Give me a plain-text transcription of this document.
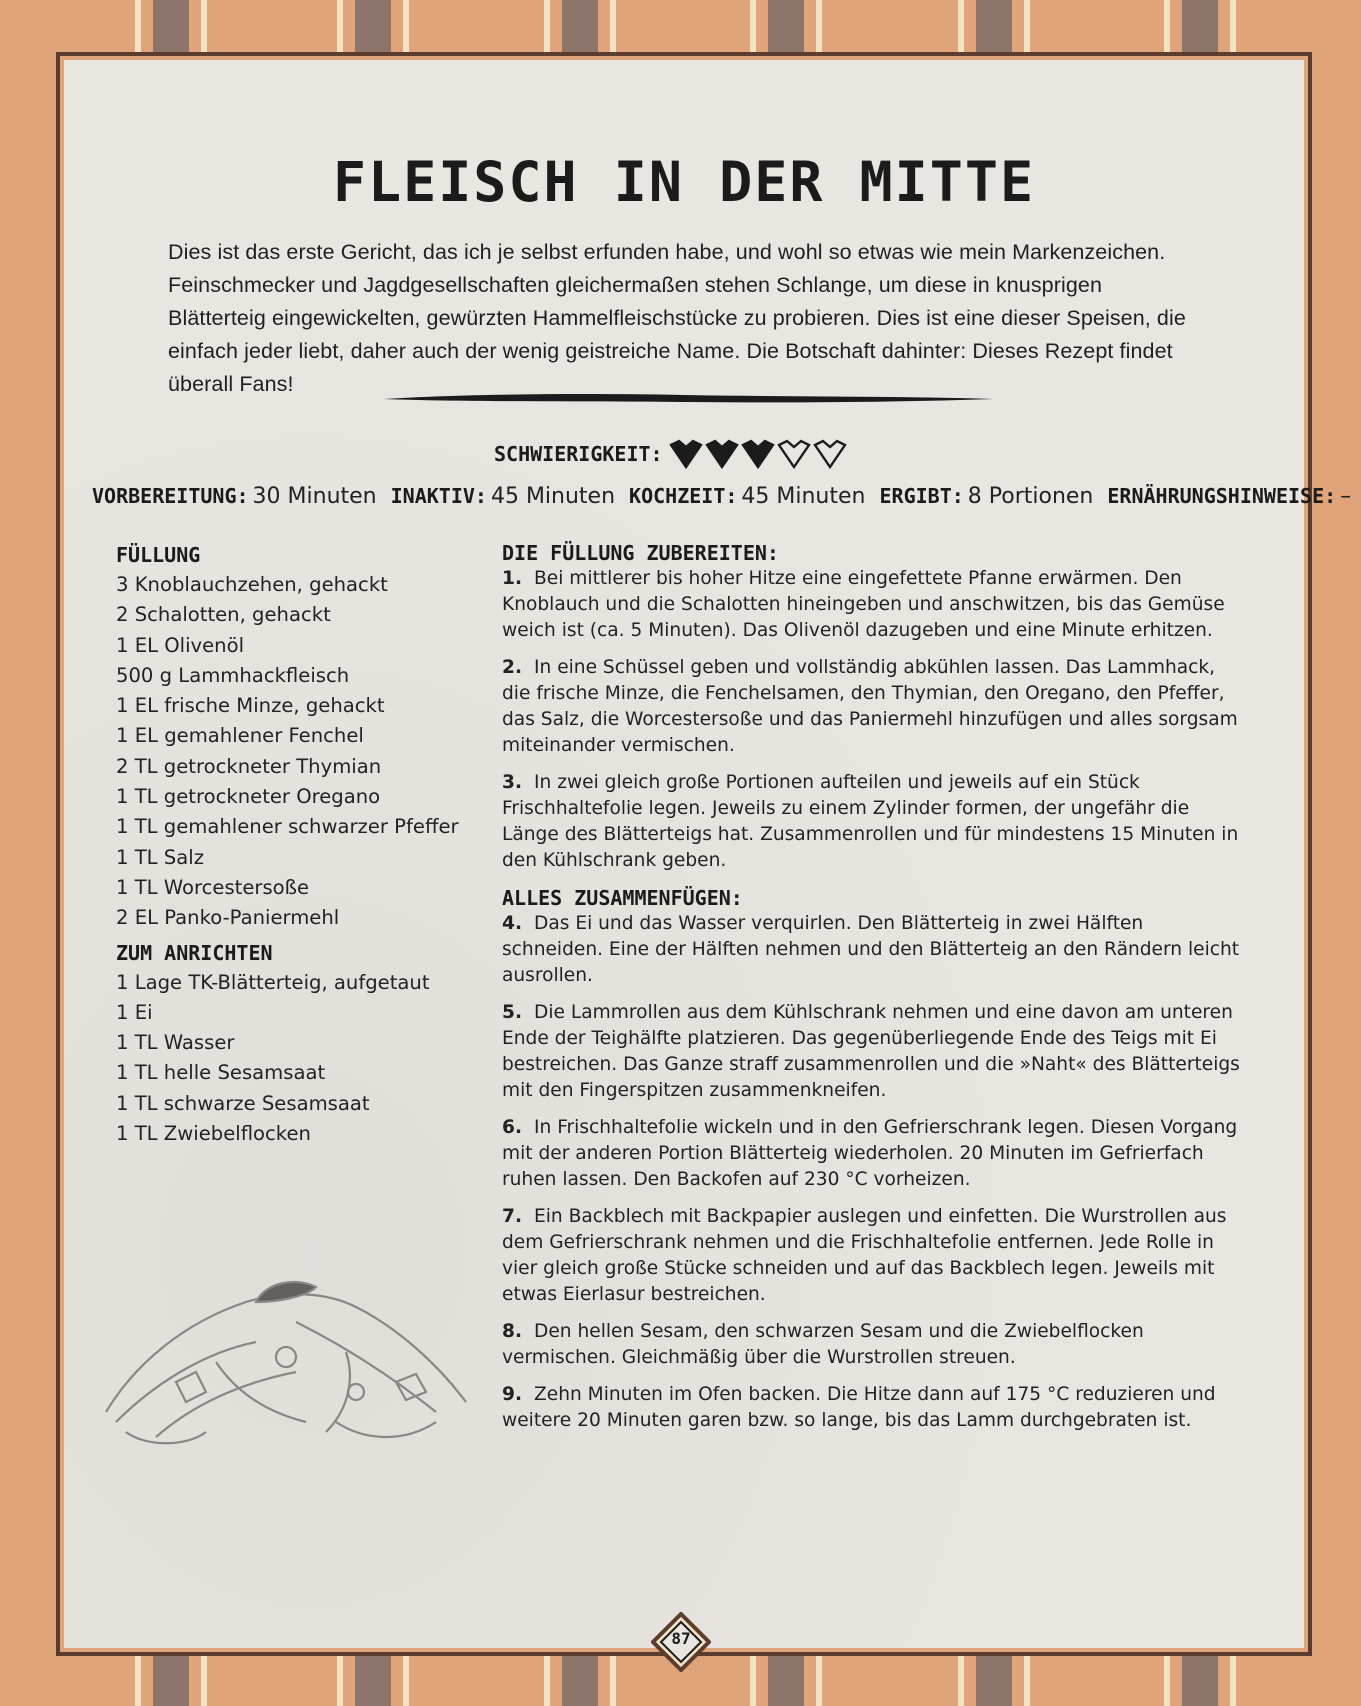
FLEISCH IN DER MITTE

Dies ist das erste Gericht, das ich je selbst erfunden habe, und wohl so etwas wie mein Markenzeichen. Feinschmecker und Jagdgesellschaften gleichermaßen stehen Schlange, um diese in knusprigen Blätterteig eingewickelten, gewürzten Hammelfleischstücke zu probieren. Dies ist eine dieser Speisen, die einfach jeder liebt, daher auch der wenig geistreiche Name. Die Botschaft dahinter: Dieses Rezept findet überall Fans!

SCHWIERIGKEIT:

VORBEREITUNG: 30 Minuten INAKTIV: 45 Minuten KOCHZEIT: 45 Minuten ERGIBT: 8 Portionen ERNÄHRUNGSHINWEISE: –

FÜLLUNG
3 Knoblauchzehen, gehackt
2 Schalotten, gehackt
1 EL Olivenöl
500 g Lammhackfleisch
1 EL frische Minze, gehackt
1 EL gemahlener Fenchel
2 TL getrockneter Thymian
1 TL getrockneter Oregano
1 TL gemahlener schwarzer Pfeffer
1 TL Salz
1 TL Worcestersoße
2 EL Panko-Paniermehl
ZUM ANRICHTEN
1 Lage TK-Blätterteig, aufgetaut
1 Ei
1 TL Wasser
1 TL helle Sesamsaat
1 TL schwarze Sesamsaat
1 TL Zwiebelflocken
DIE FÜLLUNG ZUBEREITEN:

1. Bei mittlerer bis hoher Hitze eine eingefettete Pfanne erwärmen. Den Knoblauch und die Schalotten hineingeben und anschwitzen, bis das Gemüse weich ist (ca. 5 Minuten). Das Olivenöl dazugeben und eine Minute erhitzen.

2. In eine Schüssel geben und vollständig abkühlen lassen. Das Lammhack, die frische Minze, die Fenchelsamen, den Thymian, den Oregano, den Pfeffer, das Salz, die Worcestersoße und das Paniermehl hinzufügen und alles sorgsam miteinander vermischen.

3. In zwei gleich große Portionen aufteilen und jeweils auf ein Stück Frischhaltefolie legen. Jeweils zu einem Zylinder formen, der ungefähr die Länge des Blätterteigs hat. Zusammenrollen und für mindestens 15 Minuten in den Kühlschrank geben.

ALLES ZUSAMMENFÜGEN:

4. Das Ei und das Wasser verquirlen. Den Blätterteig in zwei Hälften schneiden. Eine der Hälften nehmen und den Blätterteig an den Rändern leicht ausrollen.

5. Die Lammrollen aus dem Kühlschrank nehmen und eine davon am unteren Ende der Teighälfte platzieren. Das gegenüberliegende Ende des Teigs mit Ei bestreichen. Das Ganze straff zusammenrollen und die »Naht« des Blätterteigs mit den Fingerspitzen zusammenkneifen.

6. In Frischhaltefolie wickeln und in den Gefrierschrank legen. Diesen Vorgang mit der anderen Portion Blätterteig wiederholen. 20 Minuten im Gefrierfach ruhen lassen. Den Backofen auf 230 °C vorheizen.

7. Ein Backblech mit Backpapier auslegen und einfetten. Die Wurstrollen aus dem Gefrierschrank nehmen und die Frischhaltefolie entfernen. Jede Rolle in vier gleich große Stücke schneiden und auf das Backblech legen. Jeweils mit etwas Eierlasur bestreichen.

8. Den hellen Sesam, den schwarzen Sesam und die Zwiebelflocken vermischen. Gleichmäßig über die Wurstrollen streuen.

9. Zehn Minuten im Ofen backen. Die Hitze dann auf 175 °C reduzieren und weitere 20 Minuten garen bzw. so lange, bis das Lamm durchgebraten ist.

87
